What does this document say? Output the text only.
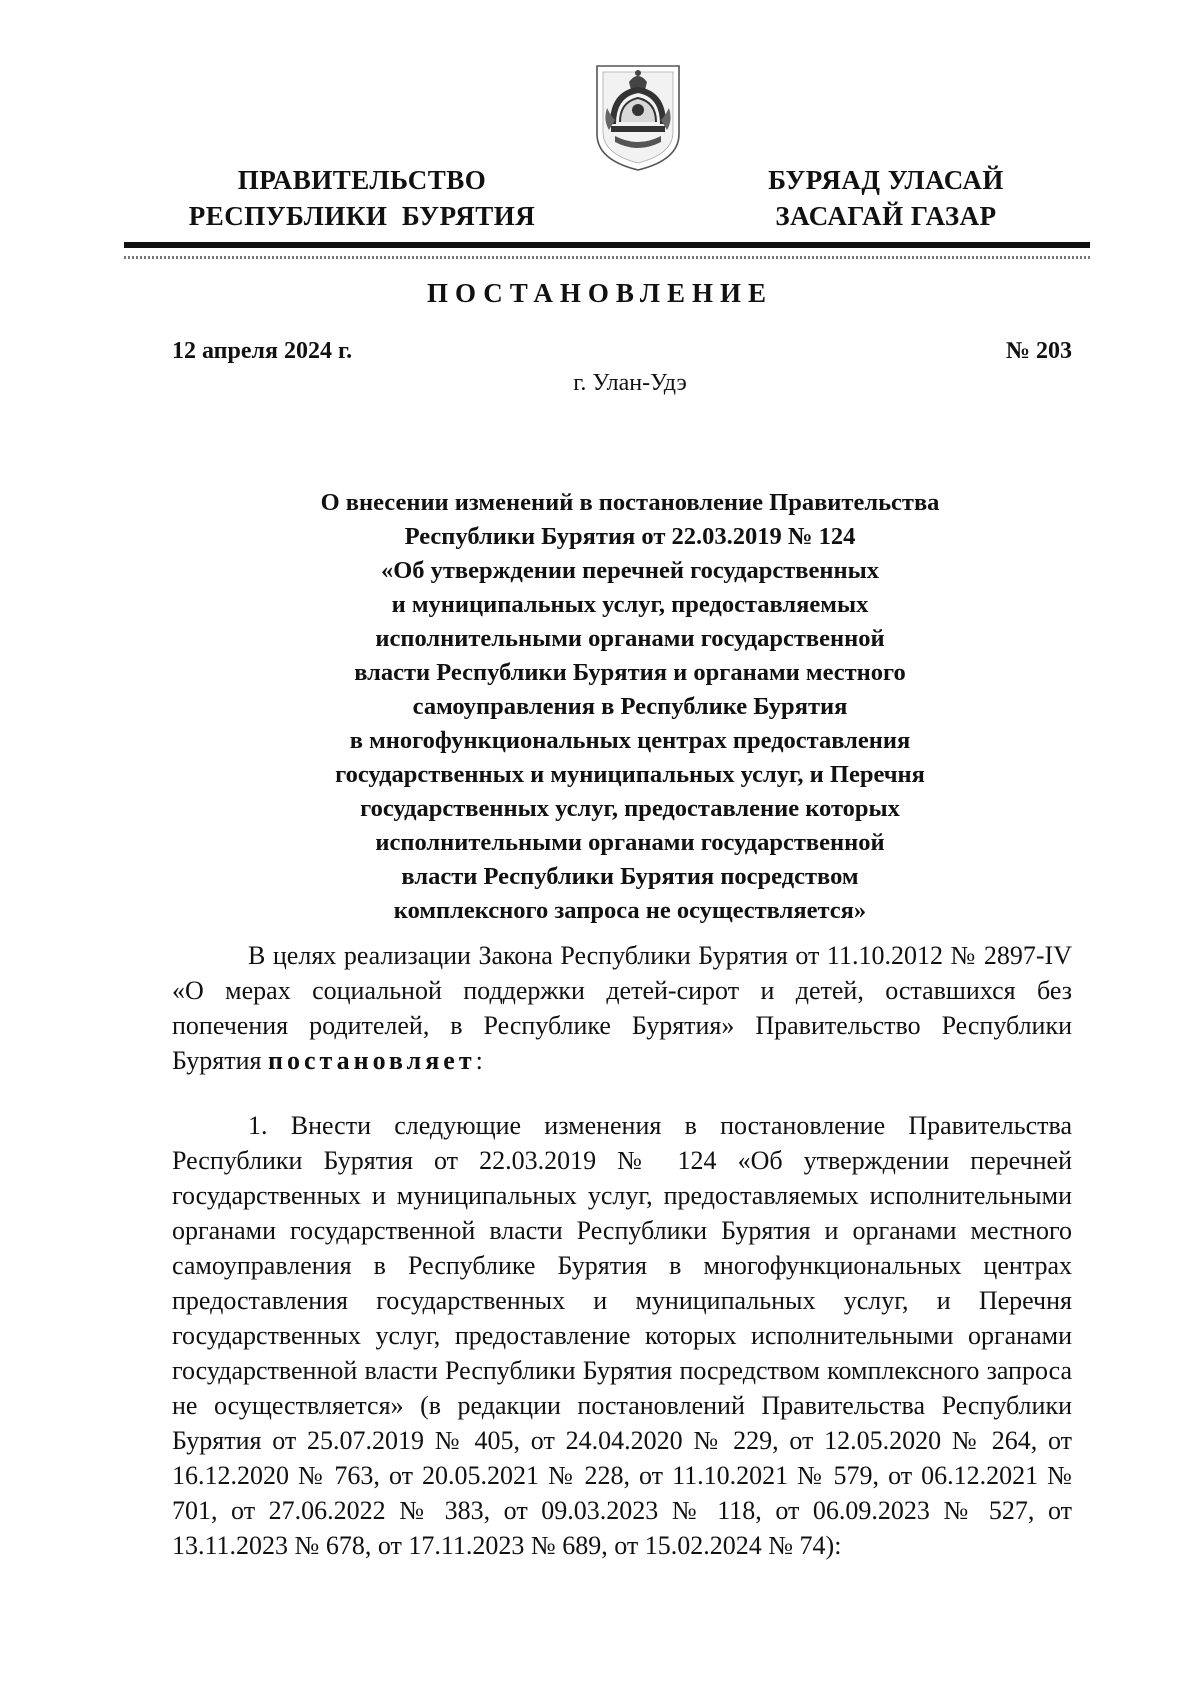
ПРАВИТЕЛЬСТВО
РЕСПУБЛИКИ  БУРЯТИЯ
БУРЯАД УЛАСАЙ
ЗАСАГАЙ ГАЗАР
ПОСТАНОВЛЕНИЕ
12 апреля 2024 г.	№ 203
г. Улан-Удэ
О внесении изменений в постановление Правительства
Республики Бурятия от 22.03.2019 № 124
«Об утверждении перечней государственных
и муниципальных услуг, предоставляемых
исполнительными органами государственной
власти Республики Бурятия и органами местного
самоуправления в Республике Бурятия
в многофункциональных центрах предоставления
государственных и муниципальных услуг, и Перечня
государственных услуг, предоставление которых
исполнительными органами государственной
власти Республики Бурятия посредством
комплексного запроса не осуществляется»
В целях реализации Закона Республики Бурятия от 11.10.2012 № 2897-IV «О мерах социальной поддержки детей-сирот и детей, оставшихся без попечения родителей, в Республике Бурятия» Правительство Республики Бурятия постановляет:
1. Внести следующие изменения в постановление Правительства Республики Бурятия от 22.03.2019 № 124 «Об утверждении перечней государственных и муниципальных услуг, предоставляемых исполнительными органами государственной власти Республики Бурятия и органами местного самоуправления в Республике Бурятия в многофункциональных центрах предоставления государственных и муниципальных услуг, и Перечня государственных услуг, предоставление которых исполнительными органами государственной власти Республики Бурятия посредством комплексного запроса не осуществляется» (в редакции постановлений Правительства Республики Бурятия от 25.07.2019 № 405, от 24.04.2020 № 229, от 12.05.2020 № 264, от 16.12.2020 № 763, от 20.05.2021 № 228, от 11.10.2021 № 579, от 06.12.2021 № 701, от 27.06.2022 № 383, от 09.03.2023 № 118, от 06.09.2023 № 527, от 13.11.2023 № 678, от 17.11.2023 № 689, от 15.02.2024 № 74):
